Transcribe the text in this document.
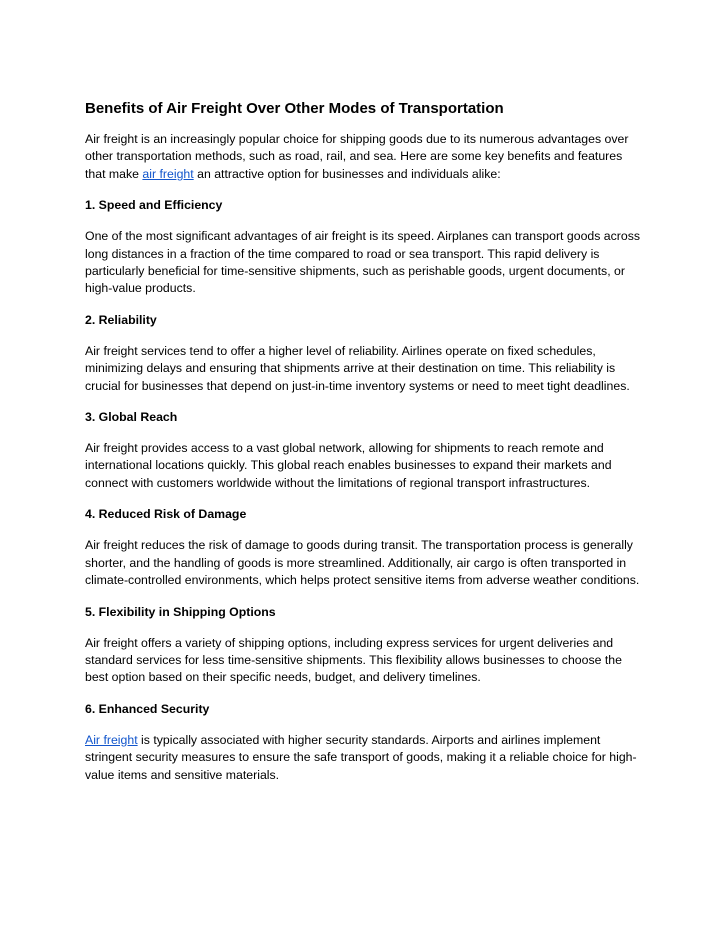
Benefits of Air Freight Over Other Modes of Transportation

Air freight is an increasingly popular choice for shipping goods due to its numerous advantages over other transportation methods, such as road, rail, and sea. Here are some key benefits and features that make air freight an attractive option for businesses and individuals alike:

1. Speed and Efficiency

One of the most significant advantages of air freight is its speed. Airplanes can transport goods across long distances in a fraction of the time compared to road or sea transport. This rapid delivery is particularly beneficial for time-sensitive shipments, such as perishable goods, urgent documents, or high-value products.

2. Reliability

Air freight services tend to offer a higher level of reliability. Airlines operate on fixed schedules, minimizing delays and ensuring that shipments arrive at their destination on time. This reliability is crucial for businesses that depend on just-in-time inventory systems or need to meet tight deadlines.

3. Global Reach

Air freight provides access to a vast global network, allowing for shipments to reach remote and international locations quickly. This global reach enables businesses to expand their markets and connect with customers worldwide without the limitations of regional transport infrastructures.

4. Reduced Risk of Damage

Air freight reduces the risk of damage to goods during transit. The transportation process is generally shorter, and the handling of goods is more streamlined. Additionally, air cargo is often transported in climate-controlled environments, which helps protect sensitive items from adverse weather conditions.

5. Flexibility in Shipping Options

Air freight offers a variety of shipping options, including express services for urgent deliveries and standard services for less time-sensitive shipments. This flexibility allows businesses to choose the best option based on their specific needs, budget, and delivery timelines.

6. Enhanced Security

Air freight is typically associated with higher security standards. Airports and airlines implement stringent security measures to ensure the safe transport of goods, making it a reliable choice for high-value items and sensitive materials.
